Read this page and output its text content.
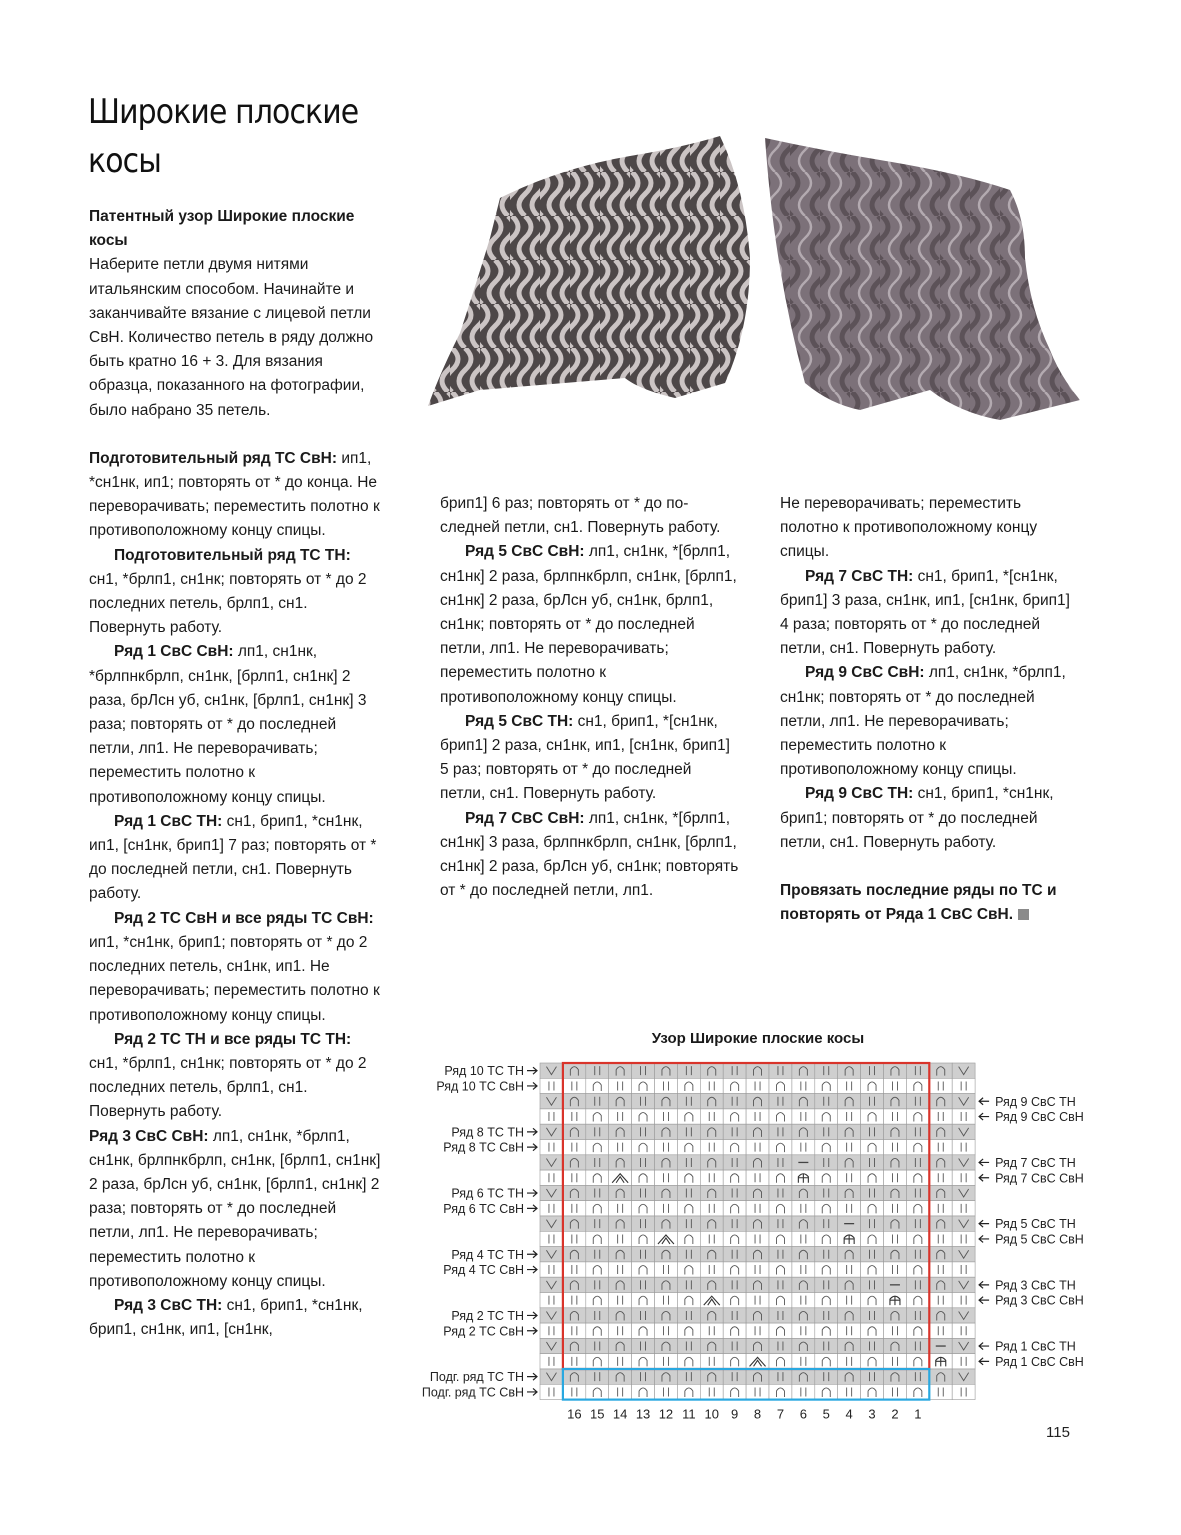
Широкие плоские
косы

Патентный узор Широкие плоские косы

Наберите петли двумя нитями итальянским способом. Начинайте и заканчивайте вязание с лицевой петли СвН. Количество петель в ряду должно быть кратно 16 + 3. Для вязания образца, показанного на фотографии, было набрано 35 петель.

Подготовительный ряд ТС СвН: ип1, *сн1нк, ип1; повторять от * до конца. Не переворачивать; переместить полотно к противоположному концу спицы.

Подготовительный ряд ТС ТН: сн1, *брлп1, сн1нк; повторять от * до 2 последних петель, брлп1, сн1. Повернуть работу.

Ряд 1 СвС СвН: лп1, сн1нк, *брлпнкбрлп, сн1нк, [брлп1, сн1нк] 2 раза, брЛсн уб, сн1нк, [брлп1, сн1нк] 3 раза; повторять от * до последней петли, лп1. Не переворачивать; переместить полотно к противоположному концу спицы.

Ряд 1 СвС ТН: сн1, брип1, *сн1нк, ип1, [сн1нк, брип1] 7 раз; повторять от * до последней петли, сн1. Повернуть работу.

Ряд 2 ТС СвН и все ряды ТС СвН: ип1, *сн1нк, брип1; повторять от * до 2 последних петель, сн1нк, ип1. Не переворачивать; переместить полотно к противоположному концу спицы.

Ряд 2 ТС ТН и все ряды ТС ТН: сн1, *брлп1, сн1нк; повторять от * до 2 последних петель, брлп1, сн1. Повернуть работу.

Ряд 3 СвС СвН: лп1, сн1нк, *брлп1, сн1нк, брлпнкбрлп, сн1нк, [брлп1, сн1нк] 2 раза, брЛсн уб, сн1нк, [брлп1, сн1нк] 2 раза; повторять от * до последней петли, лп1. Не переворачивать; переместить полотно к противоположному концу спицы.

Ряд 3 СвС ТН: сн1, брип1, *сн1нк, брип1, сн1нк, ип1, [сн1нк,

брип1] 6 раз; повторять от * до последней петли, сн1. Повернуть работу.

Ряд 5 СвС СвН: лп1, сн1нк, *[брлп1, сн1нк] 2 раза, брлпнкбрлп, сн1нк, [брлп1, сн1нк] 2 раза, брЛсн уб, сн1нк, брлп1, сн1нк; повторять от * до последней петли, лп1. Не переворачивать; переместить полотно к противоположному концу спицы.

Ряд 5 СвС ТН: сн1, брип1, *[сн1нк, брип1] 2 раза, сн1нк, ип1, [сн1нк, брип1] 5 раз; повторять от * до последней петли, сн1. Повернуть работу.

Ряд 7 СвС СвН: лп1, сн1нк, *[брлп1, сн1нк] 3 раза, брлпнкбрлп, сн1нк, [брлп1, сн1нк] 2 раза, брЛсн уб, сн1нк; повторять от * до последней петли, лп1.

Не переворачивать; переместить полотно к противоположному концу спицы.

Ряд 7 СвС ТН: сн1, брип1, *[сн1нк, брип1] 3 раза, сн1нк, ип1, [сн1нк, брип1] 4 раза; повторять от * до последней петли, сн1. Повернуть работу.

Ряд 9 СвС СвН: лп1, сн1нк, *брлп1, сн1нк; повторять от * до последней петли, лп1. Не переворачивать; переместить полотно к противоположному концу спицы.

Ряд 9 СвС ТН: сн1, брип1, *сн1нк, брип1; повторять от * до последней петли, сн1. Повернуть работу.

Провязать последние ряды по ТС и повторять от Ряда 1 СвС СвН.

Узор Широкие плоские косы
16 15 14 13 12 11 10 9 8 7 6 5 4 3 2 1
Ряд 10 ТС ТН
Ряд 10 ТС СвН
Ряд 8 ТС ТН
Ряд 8 ТС СвН
Ряд 6 ТС ТН
Ряд 6 ТС СвН
Ряд 4 ТС ТН
Ряд 4 ТС СвН
Ряд 2 ТС ТН
Ряд 2 ТС СвН
Подг. ряд ТС ТН
Подг. ряд ТС СвН
Ряд 9 СвС ТН
Ряд 9 СвС СвН
Ряд 7 СвС ТН
Ряд 7 СвС СвН
Ряд 5 СвС ТН
Ряд 5 СвС СвН
Ряд 3 СвС ТН
Ряд 3 СвС СвН
Ряд 1 СвС ТН
Ряд 1 СвС СвН
115
